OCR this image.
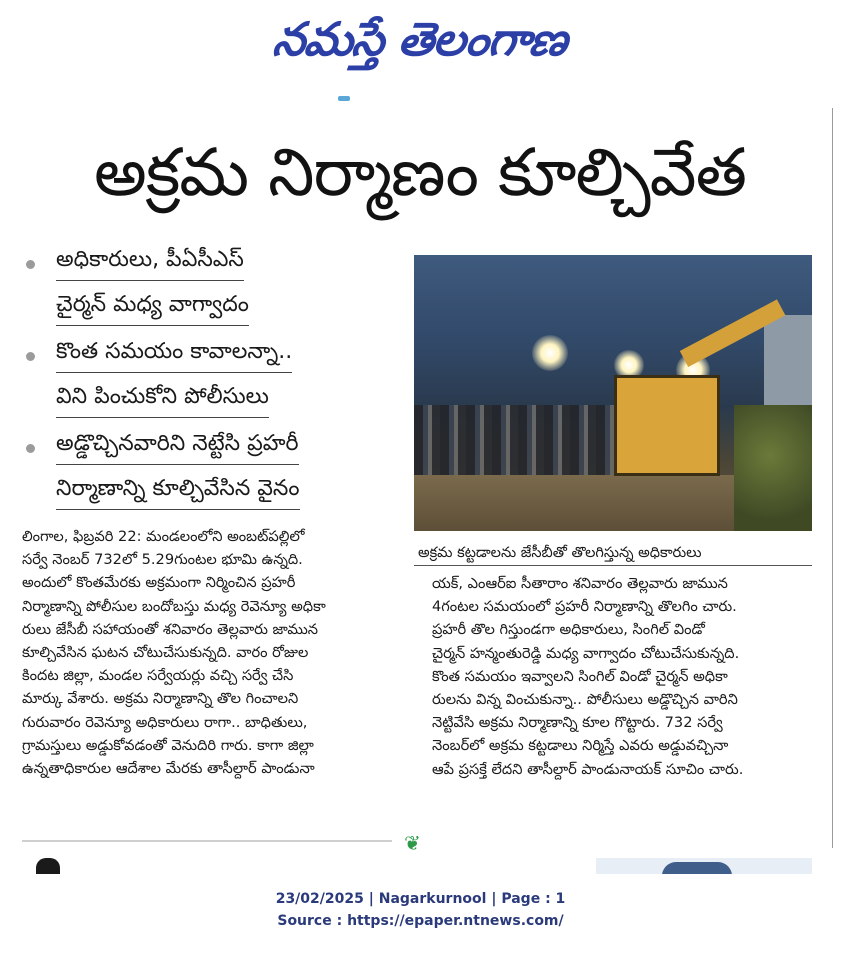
నమస్తే తెలంగాణ
అక్రమ నిర్మాణం కూల్చివేత
అధికారులు, పీఏసీఎస్
చైర్మన్ మధ్య వాగ్వాదం
కొంత సమయం కావాలన్నా..
విని పించుకోని పోలీసులు
అడ్డొచ్చినవారిని నెట్టేసి ప్రహరీ
నిర్మాణాన్ని కూల్చివేసిన వైనం
అక్రమ కట్టడాలను జేసీబీతో తొలగిస్తున్న అధికారులు
లింగాల, ఫిబ్రవరి 22: మండలంలోని అంబట్‌పల్లిలో
సర్వే నెంబర్ 732లో 5.29గుంటల భూమి ఉన్నది.
అందులో కొంతమేరకు అక్రమంగా నిర్మించిన ప్రహరీ
నిర్మాణాన్ని పోలీసుల బందోబస్తు మధ్య రెవెన్యూ అధికా
రులు జేసీబీ సహాయంతో శనివారం తెల్లవారు జామున
కూల్చివేసిన ఘటన చోటుచేసుకున్నది. వారం రోజుల
కిందట జిల్లా, మండల సర్వేయర్లు వచ్చి సర్వే చేసి
మార్కు వేశారు. అక్రమ నిర్మాణాన్ని తొల గించాలని
గురువారం రెవెన్యూ అధికారులు రాగా.. బాధితులు,
గ్రామస్తులు అడ్డుకోవడంతో వెనుదిరి గారు. కాగా జిల్లా
ఉన్నతాధికారుల ఆదేశాల మేరకు తాసీల్దార్ పాండునా
యక్, ఎంఆర్‌ఐ సీతారాం శనివారం తెల్లవారు జామున
4గంటల సమయంలో ప్రహరీ నిర్మాణాన్ని తొలగిం చారు.
ప్రహరీ తొల గిస్తుండగా అధికారులు, సింగిల్ విండో
చైర్మన్ హన్మంతురెడ్డి మధ్య వాగ్వాదం చోటుచేసుకున్నది.
కొంత సమయం ఇవ్వాలని సింగిల్ విండో చైర్మన్ అధికా
రులను విన్న వించుకున్నా.. పోలీసులు అడ్డొచ్చిన వారిని
నెట్టివేసి అక్రమ నిర్మాణాన్ని కూల గొట్టారు. 732 సర్వే
నెంబర్‌లో అక్రమ కట్టడాలు నిర్మిస్తే ఎవరు అడ్డువచ్చినా
ఆపే ప్రసక్తే లేదని తాసీల్దార్ పాండునాయక్ సూచిం చారు.
❦
23/02/2025 | Nagarkurnool | Page : 1
Source : https://epaper.ntnews.com/
